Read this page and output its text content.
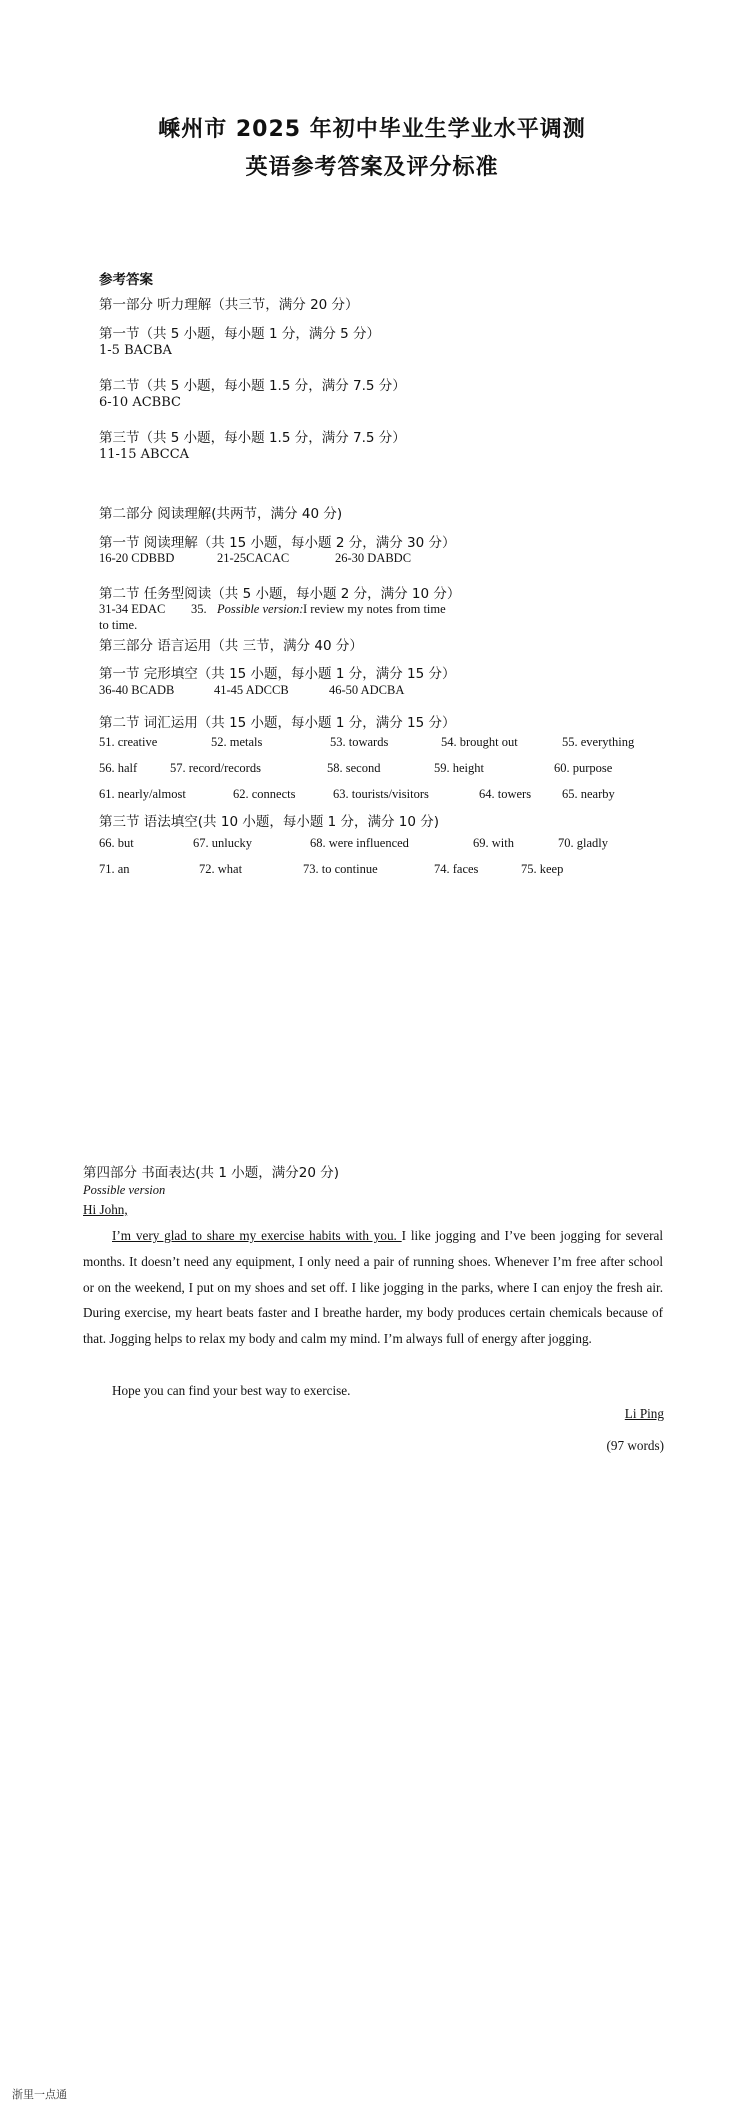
嵊州市 2025 年初中毕业生学业水平调测
英语参考答案及评分标准
参考答案
第一部分 听力理解（共三节，满分 20 分）
第一节（共 5 小题，每小题 1 分，满分 5 分）
1-5 BACBA
第二节（共 5 小题，每小题 1.5 分，满分 7.5 分）
6-10 ACBBC
第三节（共 5 小题，每小题 1.5 分，满分 7.5 分）
11-15 ABCCA
第二部分 阅读理解(共两节，满分 40 分)
第一节 阅读理解（共 15 小题，每小题 2 分，满分 30 分）
16-20 CDBBD	21-25CACAC	26-30 DABDC
第二节 任务型阅读（共 5 小题，每小题 2 分，满分 10 分）
31-34 EDAC 35. Possible version: I review my notes from time
to time.
第三部分 语言运用（共 三节，满分 40 分）
第一节 完形填空（共 15 小题，每小题 1 分，满分 15 分）
36-40 BCADB	41-45 ADCCB	46-50 ADCBA
第二节 词汇运用（共 15 小题，每小题 1 分，满分 15 分）
51. creative	52. metals	53. towards	54. brought out	55. everything
56. half	57. record/records	58. second	59. height	60. purpose
61. nearly/almost	62. connects	63. tourists/visitors	64. towers 65. nearby
第三节 语法填空(共 10 小题，每小题 1 分，满分 10 分)
66. but	67. unlucky	68. were influenced	69. with	70. gladly
71. an	72. what	73. to continue	74. faces	75. keep
第四部分 书面表达(共 1 小题，满分20 分)
Possible version
Hi John,
I’m very glad to share my exercise habits with you. I like jogging and I’ve been jogging for several months. It doesn’t need any equipment, I only need a pair of running shoes. Whenever I’m free after school or on the weekend, I put on my shoes and set off. I like jogging in the parks, where I can enjoy the fresh air. During exercise, my heart beats faster and I breathe harder, my body produces certain chemicals because of that. Jogging helps to relax my body and calm my mind. I’m always full of energy after jogging.
Hope you can find your best way to exercise.
Li Ping
(97 words)
浙里一点通
